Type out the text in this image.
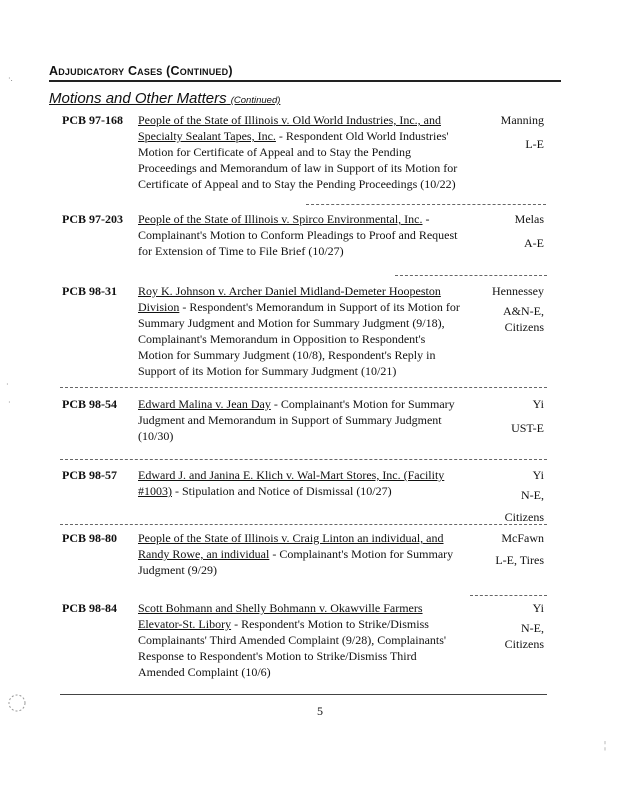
Adjudicatory Cases (Continued)
Motions and Other Matters (Continued)
PCB 97-168 People of the State of Illinois v. Old World Industries, Inc., and Specialty Sealant Tapes, Inc. - Respondent Old World Industries' Motion for Certificate of Appeal and to Stay the Pending Proceedings and Memorandum of law in Support of its Motion for Certificate of Appeal and to Stay the Pending Proceedings (10/22)
Manning
L-E
PCB 97-203 People of the State of Illinois v. Spirco Environmental, Inc. - Complainant's Motion to Conform Pleadings to Proof and Request for Extension of Time to File Brief (10/27)
Melas
A-E
PCB 98-31 Roy K. Johnson v. Archer Daniel Midland-Demeter Hoopeston Division - Respondent's Memorandum in Support of its Motion for Summary Judgment and Motion for Summary Judgment (9/18), Complainant's Memorandum in Opposition to Respondent's Motion for Summary Judgment (10/8), Respondent's Reply in Support of its Motion for Summary Judgment (10/21)
Hennessey
A&N-E,
Citizens
PCB 98-54 Edward Malina v. Jean Day - Complainant's Motion for Summary Judgment and Memorandum in Support of Summary Judgment (10/30)
Yi
UST-E
PCB 98-57 Edward J. and Janina E. Klich v. Wal-Mart Stores, Inc. (Facility #1003) - Stipulation and Notice of Dismissal (10/27)
Yi
N-E,
Citizens
PCB 98-80 People of the State of Illinois v. Craig Linton an individual, and Randy Rowe, an individual - Complainant's Motion for Summary Judgment (9/29)
McFawn
L-E, Tires
PCB 98-84 Scott Bohmann and Shelly Bohmann v. Okawville Farmers Elevator-St. Libory - Respondent's Motion to Strike/Dismiss Complainants' Third Amended Complaint (9/28), Complainants' Response to Respondent's Motion to Strike/Dismiss Third Amended Complaint (10/6)
Yi
N-E,
Citizens
5
·.
·
·
¦
